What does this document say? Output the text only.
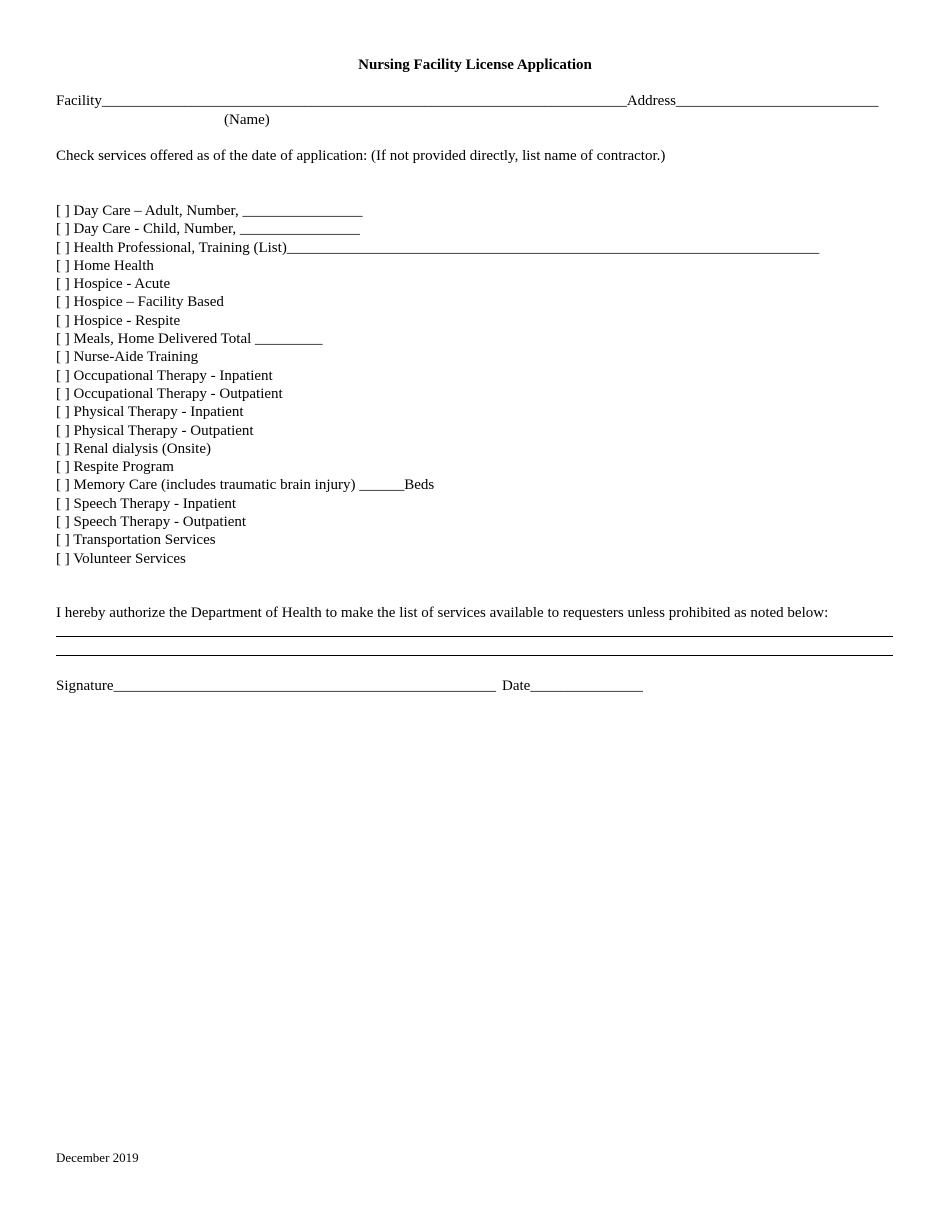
Nursing Facility License Application
Facility______________________________________________________________________Address___________________________
(Name)
Check services offered as of the date of application: (If not provided directly, list name of contractor.)
[ ] Day Care – Adult, Number, ________________
[ ] Day Care - Child, Number, ________________
[ ] Health Professional, Training (List)_______________________________________________________________________
[ ] Home Health
[ ] Hospice - Acute
[ ] Hospice – Facility Based
[ ] Hospice - Respite
[ ] Meals, Home Delivered Total _________
[ ] Nurse-Aide Training
[ ] Occupational Therapy - Inpatient
[ ] Occupational Therapy - Outpatient
[ ] Physical Therapy - Inpatient
[ ] Physical Therapy - Outpatient
[ ] Renal dialysis (Onsite)
[ ] Respite Program
[ ] Memory Care (includes traumatic brain injury) ______Beds
[ ] Speech Therapy - Inpatient
[ ] Speech Therapy - Outpatient
[ ] Transportation Services
[ ] Volunteer Services
I hereby authorize the Department of Health to make the list of services available to requesters unless prohibited as noted below:
Signature___________________________________________________ Date_______________
December 2019
